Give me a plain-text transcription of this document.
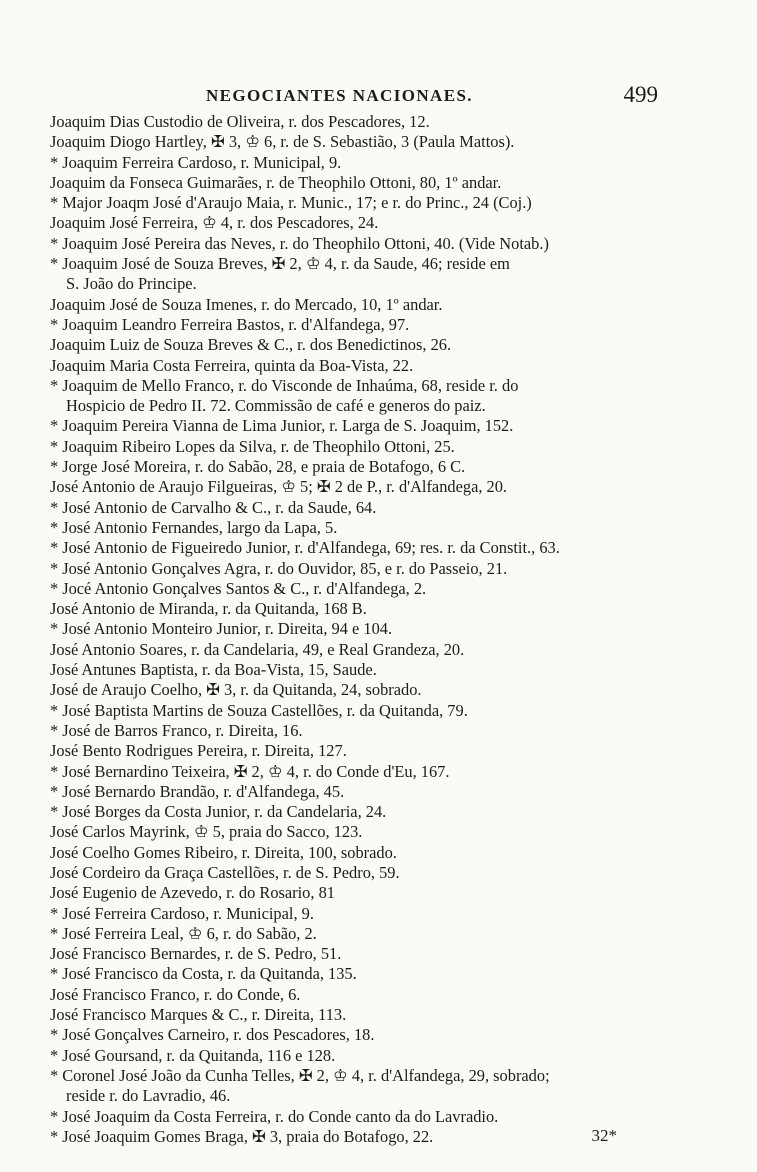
NEGOCIANTES NACIONAES.	499
Joaquim Dias Custodio de Oliveira, r. dos Pescadores, 12.
Joaquim Diogo Hartley, ✠ 3, ♔ 6, r. de S. Sebastião, 3 (Paula Mattos).
* Joaquim Ferreira Cardoso, r. Municipal, 9.
Joaquim da Fonseca Guimarães, r. de Theophilo Ottoni, 80, 1º andar.
* Major Joaqm José d'Araujo Maia, r. Munic., 17; e r. do Princ., 24 (Coj.)
Joaquim José Ferreira, ♔ 4, r. dos Pescadores, 24.
* Joaquim José Pereira das Neves, r. do Theophilo Ottoni, 40. (Vide Notab.)
* Joaquim José de Souza Breves, ✠ 2, ♔ 4, r. da Saude, 46; reside em
S. João do Principe.
Joaquim José de Souza Imenes, r. do Mercado, 10, 1º andar.
* Joaquim Leandro Ferreira Bastos, r. d'Alfandega, 97.
Joaquim Luiz de Souza Breves & C., r. dos Benedictinos, 26.
Joaquim Maria Costa Ferreira, quinta da Boa-Vista, 22.
* Joaquim de Mello Franco, r. do Visconde de Inhaúma, 68, reside r. do
Hospicio de Pedro II. 72. Commissão de café e generos do paiz.
* Joaquim Pereira Vianna de Lima Junior, r. Larga de S. Joaquim, 152.
* Joaquim Ribeiro Lopes da Silva, r. de Theophilo Ottoni, 25.
* Jorge José Moreira, r. do Sabão, 28, e praia de Botafogo, 6 C.
José Antonio de Araujo Filgueiras, ♔ 5; ✠ 2 de P., r. d'Alfandega, 20.
* José Antonio de Carvalho & C., r. da Saude, 64.
* José Antonio Fernandes, largo da Lapa, 5.
* José Antonio de Figueiredo Junior, r. d'Alfandega, 69; res. r. da Constit., 63.
* José Antonio Gonçalves Agra, r. do Ouvidor, 85, e r. do Passeio, 21.
* Jocé Antonio Gonçalves Santos & C., r. d'Alfandega, 2.
José Antonio de Miranda, r. da Quitanda, 168 B.
* José Antonio Monteiro Junior, r. Direita, 94 e 104.
José Antonio Soares, r. da Candelaria, 49, e Real Grandeza, 20.
José Antunes Baptista, r. da Boa-Vista, 15, Saude.
José de Araujo Coelho, ✠ 3, r. da Quitanda, 24, sobrado.
* José Baptista Martins de Souza Castellões, r. da Quitanda, 79.
* José de Barros Franco, r. Direita, 16.
José Bento Rodrigues Pereira, r. Direita, 127.
* José Bernardino Teixeira, ✠ 2, ♔ 4, r. do Conde d'Eu, 167.
* José Bernardo Brandão, r. d'Alfandega, 45.
* José Borges da Costa Junior, r. da Candelaria, 24.
José Carlos Mayrink, ♔ 5, praia do Sacco, 123.
José Coelho Gomes Ribeiro, r. Direita, 100, sobrado.
José Cordeiro da Graça Castellões, r. de S. Pedro, 59.
José Eugenio de Azevedo, r. do Rosario, 81
* José Ferreira Cardoso, r. Municipal, 9.
* José Ferreira Leal, ♔ 6, r. do Sabão, 2.
José Francisco Bernardes, r. de S. Pedro, 51.
* José Francisco da Costa, r. da Quitanda, 135.
José Francisco Franco, r. do Conde, 6.
José Francisco Marques & C., r. Direita, 113.
* José Gonçalves Carneiro, r. dos Pescadores, 18.
* José Goursand, r. da Quitanda, 116 e 128.
* Coronel José João da Cunha Telles, ✠ 2, ♔ 4, r. d'Alfandega, 29, sobrado;
reside r. do Lavradio, 46.
* José Joaquim da Costa Ferreira, r. do Conde canto da do Lavradio.
* José Joaquim Gomes Braga, ✠ 3, praia do Botafogo, 22.	32*
